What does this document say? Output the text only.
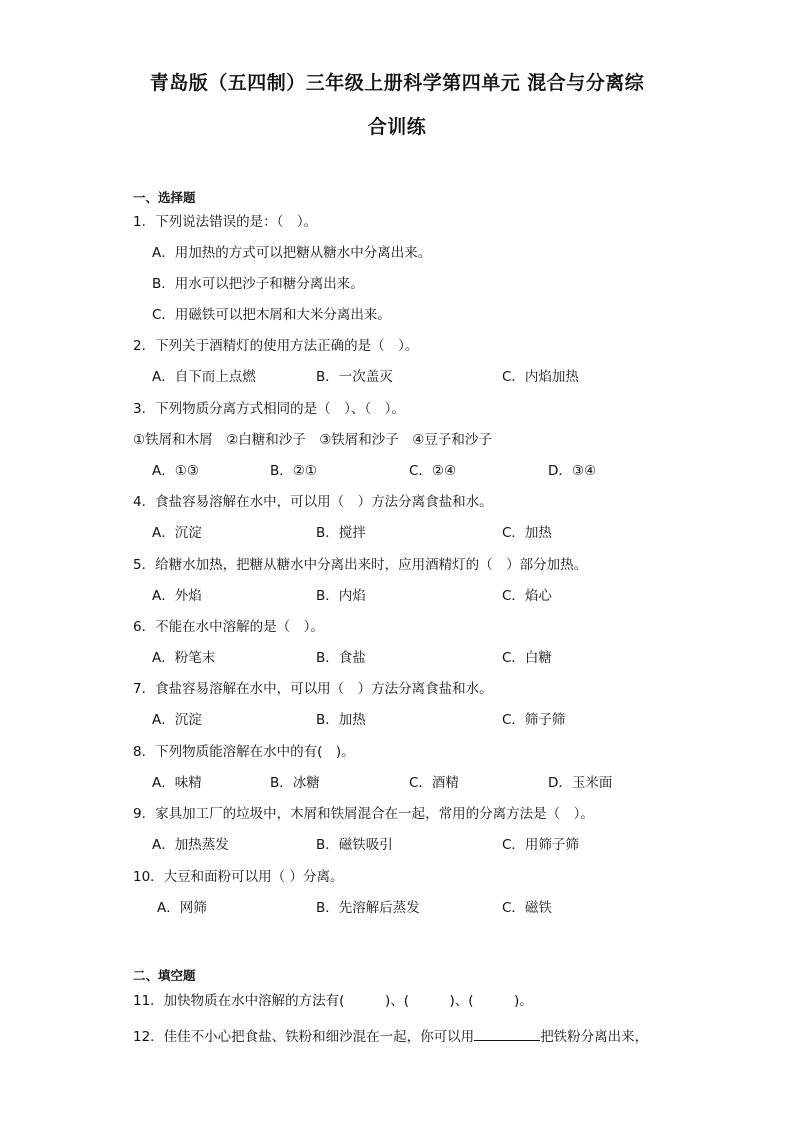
青岛版（五四制）三年级上册科学第四单元 混合与分离综
合训练
一、选择题
1．下列说法错误的是：（　）。
A．用加热的方式可以把糖从糖水中分离出来。
B．用水可以把沙子和糖分离出来。
C．用磁铁可以把木屑和大米分离出来。
2．下列关于酒精灯的使用方法正确的是（　）。
A．自下而上点燃	B．一次盖灭	C．内焰加热
3．下列物质分离方式相同的是（　）、（　）。
①铁屑和木屑　②白糖和沙子　③铁屑和沙子　④豆子和沙子
A．①③	B．②①	C．②④	D．③④
4．食盐容易溶解在水中，可以用（　）方法分离食盐和水。
A．沉淀	B．搅拌	C．加热
5．给糖水加热，把糖从糖水中分离出来时，应用酒精灯的（　）部分加热。
A．外焰	B．内焰	C．焰心
6．不能在水中溶解的是（　）。
A．粉笔末	B．食盐	C．白糖
7．食盐容易溶解在水中，可以用（　）方法分离食盐和水。
A．沉淀	B．加热	C．筛子筛
8．下列物质能溶解在水中的有(　)。
A．味精	B．冰糖	C．酒精	D．玉米面
9．家具加工厂的垃圾中，木屑和铁屑混合在一起，常用的分离方法是（　）。
A．加热蒸发	B．磁铁吸引	C．用筛子筛
10．大豆和面粉可以用（ ）分离。
A．网筛	B．先溶解后蒸发	C．磁铁
二、填空题
11．加快物质在水中溶解的方法有(　　　)、(　　　)、(　　　)。
12．佳佳不小心把食盐、铁粉和细沙混在一起，你可以用	把铁粉分离出来，
